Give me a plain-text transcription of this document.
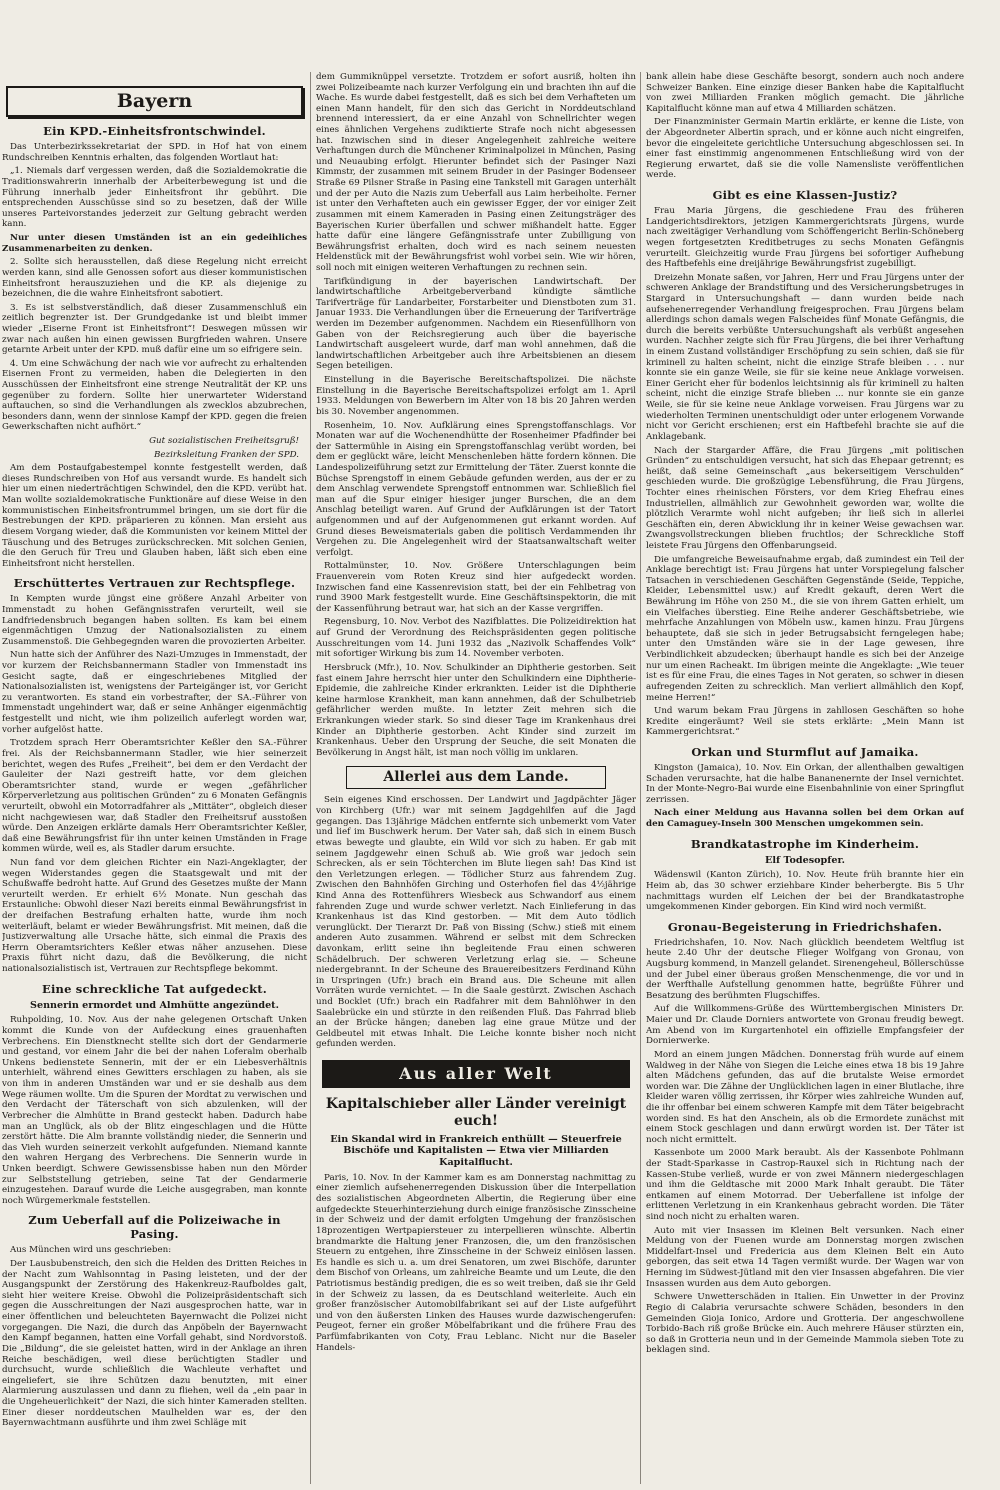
Bayern
Ein KPD.-Einheitsfrontschwindel.

Das Unterbezirkssekretariat der SPD. in Hof hat von einem Rundschreiben Kenntnis erhalten, das folgenden Wortlaut hat:

„1. Niemals darf vergessen werden, daß die Sozialdemokratie die Traditionswahrerin innerhalb der Arbeiterbewegung ist und die Führung innerhalb jeder Einheitsfront ihr gebührt. Die entsprechenden Ausschüsse sind so zu besetzen, daß der Wille unseres Parteivorstandes jederzeit zur Geltung gebracht werden kann.

Nur unter diesen Umständen ist an ein gedeihliches Zusammenarbeiten zu denken.

2. Sollte sich herausstellen, daß diese Regelung nicht erreicht werden kann, sind alle Genossen sofort aus dieser kommunistischen Einheitsfront herauszuziehen und die KP. als diejenige zu bezeichnen, die die wahre Einheitsfront sabotiert.

3. Es ist selbstverständlich, daß dieser Zusammenschluß ein zeitlich begrenzter ist. Der Grundgedanke ist und bleibt immer wieder „Eiserne Front ist Einheitsfront“! Deswegen müssen wir zwar nach außen hin einen gewissen Burgfrieden wahren. Unsere getarnte Arbeit unter der KPD. muß dafür eine um so eifrigere sein.

4. Um eine Schwächung der nach wie vor aufrecht zu erhaltenden Eisernen Front zu vermeiden, haben die Delegierten in den Ausschüssen der Einheitsfront eine strenge Neutralität der KP. uns gegenüber zu fordern. Sollte hier unerwarteter Widerstand auftauchen, so sind die Verhandlungen als zwecklos abzubrechen, besonders dann, wenn der sinnlose Kampf der KPD. gegen die freien Gewerkschaften nicht aufhört.“

Gut sozialistischen Freiheitsgruß!
Bezirksleitung Franken der SPD.

Am dem Postaufgabestempel konnte festgestellt werden, daß dieses Rundschreiben von Hof aus versandt wurde. Es handelt sich hier um einen niederträchtigen Schwindel, den die KPD. verübt hat. Man wollte sozialdemokratische Funktionäre auf diese Weise in den kommunistischen Einheitsfrontrummel bringen, um sie dort für die Bestrebungen der KPD. präparieren zu können. Man ersieht aus diesem Vorgang wieder, daß die Kommunisten vor keinem Mittel der Täuschung und des Betruges zurückschrecken. Mit solchen Genien, die den Geruch für Treu und Glauben haben, läßt sich eben eine Einheitsfront nicht herstellen.

Erschüttertes Vertrauen zur Rechtspflege.

In Kempten wurde jüngst eine größere Anzahl Arbeiter von Immenstadt zu hohen Gefängnisstrafen verurteilt, weil sie Landfriedensbruch begangen haben sollten. Es kam bei einem eigenmächtigen Umzug der Nationalsozialisten zu einem Zusammenstoß. Die Gehbegegnden waren die provozierten Arbeiter.

Nun hatte sich der Anführer des Nazi-Umzuges in Immenstadt, der vor kurzem der Reichsbannermann Stadler von Immenstadt ins Gesicht sagte, daß er eingeschriebenes Mitglied der Nationalsozialisten ist, wenigstens der Parteigänger ist, vor Gericht zu verantworten. Es stand ein vorbestrafter, der SA.-Führer von Immenstadt ungehindert war, daß er seine Anhänger eigenmächtig festgestellt und nicht, wie ihm polizeilich auferlegt worden war, vorher aufgelöst hatte.

Trotzdem sprach Herr Oberamtsrichter Keßler den SA.-Führer frei. Als der Reichsbannermann Stadler, wie hier seinerzeit berichtet, wegen des Rufes „Freiheit“, bei dem er den Verdacht der Gauleiter der Nazi gestreift hatte, vor dem gleichen Oberamtsrichter stand, wurde er wegen „gefährlicher Körperverletzung aus politischen Gründen“ zu 6 Monaten Gefängnis verurteilt, obwohl ein Motorradfahrer als „Mittäter“, obgleich dieser nicht nachgewiesen war, daß Stadler den Freiheitsruf ausstoßen würde. Den Anzeigen erklärte damals Herr Oberamtsrichter Keßler, daß eine Bewährungsfrist für ihn unter keinen Umständen in Frage kommen würde, weil es, als Stadler darum ersuchte.

Nun fand vor dem gleichen Richter ein Nazi-Angeklagter, der wegen Widerstandes gegen die Staatsgewalt und mit der Schußwaffe bedroht hatte. Auf Grund des Gesetzes mußte der Mann verurteilt werden. Er erhielt 6½ Monate. Nun geschah das Erstaunliche: Obwohl dieser Nazi bereits einmal Bewährungsfrist in der dreifachen Bestrafung erhalten hatte, wurde ihm noch weiterläuft, belamt er wieder Bewährungsfrist. Mit meinen, daß die Justizverwaltung alle Ursache hätte, sich einmal die Praxis des Herrn Oberamtsrichters Keßler etwas näher anzusehen. Diese Praxis führt nicht dazu, daß die Bevölkerung, die nicht nationalsozialistisch ist, Vertrauen zur Rechtspflege bekommt.

Eine schreckliche Tat aufgedeckt.
Sennerin ermordet und Almhütte angezündet.

Ruhpolding, 10. Nov. Aus der nahe gelegenen Ortschaft Unken kommt die Kunde von der Aufdeckung eines grauenhaften Verbrechens. Ein Dienstknecht stellte sich dort der Gendarmerie und gestand, vor einem Jahr die bei der nahen Loferalm oberhalb Unkens bedienstete Sennerin, mit der er ein Liebesverhältnis unterhielt, während eines Gewitters erschlagen zu haben, als sie von ihm in anderen Umständen war und er sie deshalb aus dem Wege räumen wollte. Um die Spuren der Mordtat zu verwischen und den Verdacht der Täterschaft von sich abzulenken, will der Verbrecher die Almhütte in Brand gesteckt haben. Dadurch habe man an Unglück, als ob der Blitz eingeschlagen und die Hütte zerstört hätte. Die Alm brannte vollständig nieder, die Sennerin und das Vieh wurden seinerzeit verkohlt aufgefunden. Niemand kannte den wahren Hergang des Verbrechens. Die Sennerin wurde in Unken beerdigt. Schwere Gewissensbisse haben nun den Mörder zur Selbststellung getrieben, seine Tat der Gendarmerie einzugestehen. Darauf wurde die Leiche ausgegraben, man konnte noch Würgemerkmale feststellen.

Zum Ueberfall auf die Polizeiwache in Pasing.

Aus München wird uns geschrieben:

Der Lausbubenstreich, den sich die Helden des Dritten Reiches in der Nacht zum Wahlsonntag in Pasing leisteten, und der der Ausgangspunkt der Zerstörung des Hakenkreuz-Raufboldes galt, sieht hier weitere Kreise. Obwohl die Polizeipräsidentschaft sich gegen die Ausschreitungen der Nazi ausgesprochen hatte, war in einer öffentlichen und beleuchteten Bayernwacht die Polizei nicht vorgegangen. Die Nazi, die durch das Anpöbeln der Bayernwacht den Kampf begannen, hatten eine Vorfall gehabt, sind Nordvorstoß. Die „Bildung“, die sie geleistet hatten, wird in der Anklage an ihren Reiche beschädigen, weil diese berüchtigten Stadler und durchsucht, wurde schließlich die Wachleute verhaftet und eingeliefert, sie ihre Schützen dazu benutzten, mit einer Alarmierung auszulassen und dann zu fliehen, weil da „ein paar in die Ungeheuerlichkeit“ der Nazi, die sich hinter Kameraden stellten. Einer dieser norddeutschen Maulhelden war es, der den Bayernwachtmann ausführte und ihm zwei Schläge mit

dem Gummiknüppel versetzte. Trotzdem er sofort ausriß, holten ihn zwei Polizeibeamte nach kurzer Verfolgung ein und brachten ihn auf die Wache. Es wurde dabei festgestellt, daß es sich bei dem Verhafteten um einen Mann handelt, für den sich das Gericht in Norddeutschland brennend interessiert, da er eine Anzahl von Schnellrichter wegen eines ähnlichen Vergehens zudiktierte Strafe noch nicht abgesessen hat. Inzwischen sind in dieser Angelegenheit zahlreiche weitere Verhaftungen durch die Münchener Kriminalpolizei in München, Pasing und Neuaubing erfolgt. Hierunter befindet sich der Pasinger Nazi Kimmstr, der zusammen mit seinem Bruder in der Pasinger Bodenseer Straße 69 Pilsner Straße in Pasing eine Tankstell mit Garagen unterhält und der per Auto die Nazis zum Ueberfall aus Laim herbeiholte. Ferner ist unter den Verhafteten auch ein gewisser Egger, der vor einiger Zeit zusammen mit einem Kameraden in Pasing einen Zeitungsträger des Bayerischen Kurier überfallen und schwer mißhandelt hatte. Egger hatte dafür eine längere Gefängnisstrafe unter Zubilligung von Bewährungsfrist erhalten, doch wird es nach seinem neuesten Heldenstück mit der Bewährungsfrist wohl vorbei sein. Wie wir hören, soll noch mit einigen weiteren Verhaftungen zu rechnen sein.

Tarifkündigung in der bayerischen Landwirtschaft. Der landwirtschaftliche Arbeitgeberverband kündigte sämtliche Tarifverträge für Landarbeiter, Forstarbeiter und Dienstboten zum 31. Januar 1933. Die Verhandlungen über die Erneuerung der Tarifverträge werden im Dezember aufgenommen. Nachdem ein Riesenfüllhorn von Gaben von der Reichsregierung auch über die bayerische Landwirtschaft ausgeleert wurde, darf man wohl annehmen, daß die landwirtschaftlichen Arbeitgeber auch ihre Arbeitsbienen an diesem Segen beteiligen.

Einstellung in die Bayerische Bereitschaftspolizei. Die nächste Einstellung in die Bayerische Bereitschaftspolizei erfolgt am 1. April 1933. Meldungen von Bewerbern im Alter von 18 bis 20 Jahren werden bis 30. November angenommen.

Rosenheim, 10. Nov. Aufklärung eines Sprengstoffanschlags. Vor Monaten war auf die Wochenendhütte der Rosenheimer Pfadfinder bei der Sattermühle in Aising ein Sprengstoffanschlag verübt worden, bei dem er geglückt wäre, leicht Menschenleben hätte fordern können. Die Landespolizeiführung setzt zur Ermittelung der Täter. Zuerst konnte die Büchse Sprengstoff in einem Gebäude gefunden werden, aus der er zu dem Anschlag verwendete Sprengstoff entnommen war. Schließlich fiel man auf die Spur einiger hiesiger junger Burschen, die an dem Anschlag beteiligt waren. Auf Grund der Aufklärungen ist der Tatort aufgenommen und auf der Aufgenommenen gut erkannt worden. Auf Grund dieses Beweismaterials gaben die politisch Verdammenden ihr Vergehen zu. Die Angelegenheit wird der Staatsanwaltschaft weiter verfolgt.

Rottalmünster, 10. Nov. Größere Unterschlagungen beim Frauenverein vom Roten Kreuz sind hier aufgedeckt worden. Inzwischen fand eine Kassenrevision statt, bei der ein Fehlbetrag von rund 3900 Mark festgestellt wurde. Eine Geschäftsinspektorin, die mit der Kassenführung betraut war, hat sich an der Kasse vergriffen.

Regensburg, 10. Nov. Verbot des Nazifblattes. Die Polizeidirektion hat auf Grund der Verordnung des Reichspräsidenten gegen politische Ausschreitungen vom 14. Juni 1932 das „Nazivolk Schaffendes Volk“ mit sofortiger Wirkung bis zum 14. November verboten.

Hersbruck (Mfr.), 10. Nov. Schulkinder an Diphtherie gestorben. Seit fast einem Jahre herrscht hier unter den Schulkindern eine Diphtherie-Epidemie, die zahlreiche Kinder erkrankten. Leider ist die Diphtherie keine harmlose Krankheit, man kann annehmen, daß der Schulbetrieb gefährlicher werden mußte. In letzter Zeit mehren sich die Erkrankungen wieder stark. So sind dieser Tage im Krankenhaus drei Kinder an Diphtherie gestorben. Acht Kinder sind zurzeit im Krankenhaus. Ueber den Ursprung der Seuche, die seit Monaten die Bevölkerung in Angst hält, ist man noch völlig im unklaren.

Allerlei aus dem Lande.

Sein eigenes Kind erschossen. Der Landwirt und Jagdpächter Jäger von Kirchberg (Ufr.) war mit seinem Jagdgehilfen auf die Jagd gegangen. Das 13jährige Mädchen entfernte sich unbemerkt vom Vater und lief im Buschwerk herum. Der Vater sah, daß sich in einem Busch etwas bewegte und glaubte, ein Wild vor sich zu haben. Er gab mit seinem Jagdgewehr einen Schuß ab. Wie groß war jedoch sein Schrecken, als er sein Töchterchen im Blute liegen sah! Das Kind ist den Verletzungen erlegen. — Tödlicher Sturz aus fahrendem Zug. Zwischen den Bahnhöfen Girching und Osterhofen fiel das 4½jährige Kind Anna des Rottenführers Wiesbeck aus Schwandorf aus einem fahrenden Zuge und wurde schwer verletzt. Nach Einlieferung in das Krankenhaus ist das Kind gestorben. — Mit dem Auto tödlich verunglückt. Der Tierarzt Dr. Paß von Bissing (Schw.) stieß mit einem anderen Auto zusammen. Während er selbst mit dem Schrecken davonkam, erlitt seine ihn begleitende Frau einen schweren Schädelbruch. Der schweren Verletzung erlag sie. — Scheune niedergebrannt. In der Scheune des Brauereibesitzers Ferdinand Kühn in Urspringen (Ufr.) brach ein Brand aus. Die Scheune mit allen Vorräten wurde vernichtet. — In die Saale gestürzt. Zwischen Aschach und Bocklet (Ufr.) brach ein Radfahrer mit dem Bahnlöhwer in den Saalebrücke ein und stürzte in den reißenden Fluß. Das Fahrrad blieb an der Brücke hängen; daneben lag eine graue Mütze und der Geldbeutel mit etwas Inhalt. Die Leiche konnte bisher noch nicht gefunden werden.

Aus aller Welt
Kapitalschieber aller Länder vereinigt euch!
Ein Skandal wird in Frankreich enthüllt — Steuerfreie Bischöfe und Kapitalisten — Etwa vier Milliarden Kapitalflucht.

Paris, 10. Nov. In der Kammer kam es am Donnerstag nachmittag zu einer ziemlich aufsehenerregenden Diskussion über die Interpellation des sozialistischen Abgeordneten Albertin, die Regierung über eine aufgedeckte Steuerhinterziehung durch einige französische Zinsscheine in der Schweiz und der damit erfolgten Umgehung der französischen 18prozentigen Wertpapiersteuer zu interpellieren wünschte. Albertin brandmarkte die Haltung jener Franzosen, die, um den französischen Steuern zu entgehen, ihre Zinsscheine in der Schweiz einlösen lassen. Es handle es sich u. a. um drei Senatoren, um zwei Bischöfe, darunter dem Bischof von Orleans, um zahlreiche Beamte und um Leute, die den Patriotismus beständig predigen, die es so weit treiben, daß sie ihr Geld in der Schweiz zu lassen, da es Deutschland weiterleite. Auch ein großer französischer Automobilfabrikant sei auf der Liste aufgeführt und von den äußersten Linken des Hauses wurde dazwischengerufen: Peugeot, ferner ein großer Möbelfabrikant und die frühere Frau des Parfümfabrikanten von Coty, Frau Leblanc. Nicht nur die Baseler Handels-

bank allein habe diese Geschäfte besorgt, sondern auch noch andere Schweizer Banken. Eine einzige dieser Banken habe die Kapitalflucht von zwei Milliarden Franken möglich gemacht. Die jährliche Kapitalflucht könne man auf etwa 4 Milliarden schätzen.

Der Finanzminister Germain Martin erklärte, er kenne die Liste, von der Abgeordneter Albertin sprach, und er könne auch nicht eingreifen, bevor die eingeleitete gerichtliche Untersuchung abgeschlossen sei. In einer fast einstimmig angenommenen Entschließung wird von der Regierung erwartet, daß sie die volle Namensliste veröffentlichen werde.

Gibt es eine Klassen-Justiz?

Frau Maria Jürgens, die geschiedene Frau des früheren Landgerichtsdirektors, jetzigen Kammergerichtsrats Jürgens, wurde nach zweitägiger Verhandlung vom Schöffengericht Berlin-Schöneberg wegen fortgesetzten Kreditbetruges zu sechs Monaten Gefängnis verurteilt. Gleichzeitig wurde Frau Jürgens bei sofortiger Aufhebung des Haftbefehls eine dreijährige Bewährungsfrist zugebilligt.

Dreizehn Monate saßen, vor Jahren, Herr und Frau Jürgens unter der schweren Anklage der Brandstiftung und des Versicherungsbetruges in Stargard in Untersuchungshaft — dann wurden beide nach aufsehenerregender Verhandlung freigesprochen. Frau Jürgens belam allerdings schon damals wegen Falscheides fünf Monate Gefängnis, die durch die bereits verbüßte Untersuchungshaft als verbüßt angesehen wurden. Nachher zeigte sich für Frau Jürgens, die bei ihrer Verhaftung in einem Zustand vollständiger Erschöpfung zu sein schien, daß sie für kriminell zu halten scheint, nicht die einzige Strafe bleiben . . . nur konnte sie ein ganze Weile, sie für sie keine neue Anklage vorweisen. Einer Gericht eher für bodenlos leichtsinnig als für kriminell zu halten scheint, nicht die einzige Strafe blieben ... nur konnte sie ein ganze Weile, sie für sie keine neue Anklage vorweisen. Frau Jürgens war zu wiederholten Terminen unentschuldigt oder unter erlogenem Vorwande nicht vor Gericht erschienen; erst ein Haftbefehl brachte sie auf die Anklagebank.

Nach der Stargarder Affäre, die Frau Jürgens „mit politischen Gründen“ zu entschuldigen versucht, hat sich das Ehepaar getrennt; es heißt, daß seine Gemeinschaft „aus bekerseitigem Verschulden“ geschieden wurde. Die großzügige Lebensführung, die Frau Jürgens, Tochter eines rheinischen Försters, vor dem Krieg Ehefrau eines Industriellen, allmählich zur Gewohnheit geworden war, wollte die plötzlich Verarmte wohl nicht aufgeben; ihr ließ sich in allerlei Geschäften ein, deren Abwicklung ihr in keiner Weise gewachsen war. Zwangsvollstreckungen blieben fruchtlos; der Schreckliche Stoff leistete Frau Jürgens den Offenbarungseid.

Die umfangreiche Beweisaufnahme ergab, daß zumindest ein Teil der Anklage berechtigt ist: Frau Jürgens hat unter Vorspiegelung falscher Tatsachen in verschiedenen Geschäften Gegenstände (Seide, Teppiche, Kleider, Lebensmittel usw.) auf Kredit gekauft, deren Wert die Bewährung im Höhe von 250 M., die sie von ihrem Gatten erhielt, um ein Vielfaches überstieg. Eine Reihe anderer Geschäftsbetriebe, wie mehrfache Anzahlungen von Möbeln usw., kamen hinzu. Frau Jürgens behauptete, daß sie sich in jeder Betrugsabsicht ferngelegen habe; unter den Umständen wäre sie in der Lage gewesen, ihre Verbindlichkeit abzudecken; überhaupt handle es sich bei der Anzeige nur um einen Racheakt. Im übrigen meinte die Angeklagte: „Wie teuer ist es für eine Frau, die eines Tages in Not geraten, so schwer in diesen aufregenden Zeiten zu schrecklich. Man verliert allmählich den Kopf, meine Herren!“

Und warum bekam Frau Jürgens in zahllosen Geschäften so hohe Kredite eingeräumt? Weil sie stets erklärte: „Mein Mann ist Kammergerichtsrat.“

Orkan und Sturmflut auf Jamaika.

Kingston (Jamaica), 10. Nov. Ein Orkan, der allenthalben gewaltigen Schaden verursachte, hat die halbe Bananenernte der Insel vernichtet. In der Monte-Negro-Bai wurde eine Eisenbahnlinie von einer Springflut zerrissen.

Nach einer Meldung aus Havanna sollen bei dem Orkan auf den Camaguey-Inseln 300 Menschen umgekommen sein.

Brandkatastrophe im Kinderheim.
Elf Todesopfer.

Wädenswil (Kanton Zürich), 10. Nov. Heute früh brannte hier ein Heim ab, das 30 schwer erziehbare Kinder beherbergte. Bis 5 Uhr nachmittags wurden elf Leichen der bei der Brandkatastrophe umgekommenen Kinder geborgen. Ein Kind wird noch vermißt.

Gronau-Begeisterung in Friedrichshafen.

Friedrichshafen, 10. Nov. Nach glücklich beendetem Weltflug ist heute 2.40 Uhr der deutsche Flieger Wolfgang von Gronau, von Augsburg kommend, in Manzell gelandet. Sirenengeheul, Böllerschüsse und der Jubel einer überaus großen Menschenmenge, die vor und in der Werfthalle Aufstellung genommen hatte, begrüßte Führer und Besatzung des berühmten Flugschiffes.

Auf die Willkommens-Grüße des Württembergischen Ministers Dr. Maier und Dr. Claude Dorniers antwortete von Gronau freudig bewegt. Am Abend von im Kurgartenhotel ein offizielle Empfangsfeier der Dornierwerke.

Mord an einem jungen Mädchen. Donnerstag früh wurde auf einem Waldweg in der Nähe von Siegen die Leiche eines etwa 18 bis 19 Jahre alten Mädchens gefunden, das auf die brutalste Weise ermordet worden war. Die Zähne der Unglücklichen lagen in einer Blutlache, ihre Kleider waren völlig zerrissen, ihr Körper wies zahlreiche Wunden auf, die ihr offenbar bei einem schweren Kampfe mit dem Täter beigebracht worden sind. Es hat den Anschein, als ob die Ermordete zunächst mit einem Stock geschlagen und dann erwürgt worden ist. Der Täter ist noch nicht ermittelt.

Kassenbote um 2000 Mark beraubt. Als der Kassenbote Pohlmann der Stadt-Sparkasse in Castrop-Rauxel sich in Richtung nach der Kassen-Stube verließ, wurde er von zwei Männern niedergeschlagen und ihm die Geldtasche mit 2000 Mark Inhalt geraubt. Die Täter entkamen auf einem Motorrad. Der Ueberfallene ist infolge der erlittenen Verletzung in ein Krankenhaus gebracht worden. Die Täter sind noch nicht zu erhalten waren.

Auto mit vier Insassen im Kleinen Belt versunken. Nach einer Meldung von der Fuenen wurde am Donnerstag morgen zwischen Middelfart-Insel und Fredericia aus dem Kleinen Belt ein Auto geborgen, das seit etwa 14 Tagen vermißt wurde. Der Wagen war von Herning im Südwest-Jütland mit den vier Insassen abgefahren. Die vier Insassen wurden aus dem Auto geborgen.

Schwere Unwetterschäden in Italien. Ein Unwetter in der Provinz Regio di Calabria verursachte schwere Schäden, besonders in den Gemeinden Gioja Ionico, Ardore und Grotteria. Der angeschwollene Torbido-Bach riß große Brücke ein. Auch mehrere Häuser stürzten ein, so daß in Grotteria neun und in der Gemeinde Mammola sieben Tote zu beklagen sind.
